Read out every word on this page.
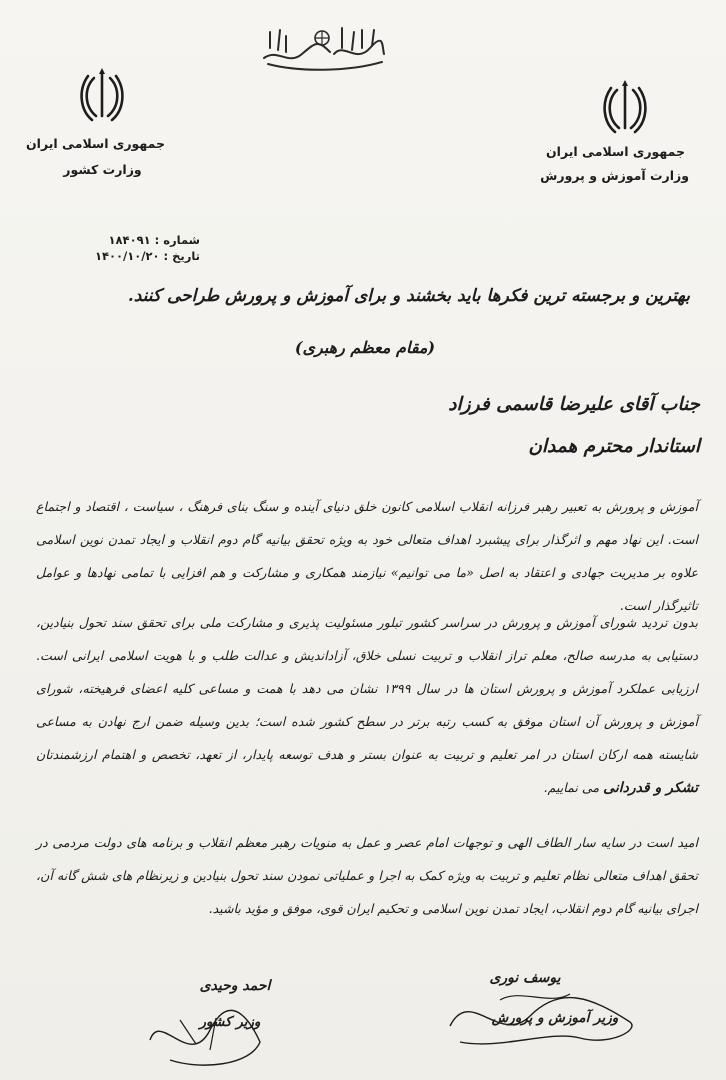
جمهوری اسلامی ایران
وزارت آموزش و پرورش
جمهوری اسلامی ایران
وزارت کشور
شماره : ۱۸۴۰۹۱
تاریخ : ۱۴۰۰/۱۰/۲۰
بهترین و برجسته ترین فکرها باید بخشند و برای آموزش و پرورش طراحی کنند.
(مقام معظم رهبری)
جناب آقای علیرضا قاسمی فرزاد
استاندار محترم همدان
آموزش و پرورش به تعبیر رهبر فرزانه انقلاب اسلامی کانون خلق دنیای آینده و سنگ بنای فرهنگ ، سیاست ، اقتصاد و اجتماع است. این نهاد مهم و اثرگذار برای پیشبرد اهداف متعالی خود به ویژه تحقق بیانیه گام دوم انقلاب و ایجاد تمدن نوین اسلامی علاوه بر مدیریت جهادی و اعتقاد به اصل «ما می توانیم» نیازمند همکاری و مشارکت و هم افزایی با تمامی نهادها و عوامل تاثیرگذار است.
بدون تردید شورای آموزش و پرورش در سراسر کشور تبلور مسئولیت پذیری و مشارکت ملی برای تحقق سند تحول بنیادین، دستیابی به مدرسه صالح، معلم تراز انقلاب و تربیت نسلی خلاق، آزاداندیش و عدالت طلب و با هویت اسلامی ایرانی است. ارزیابی عملکرد آموزش و پرورش استان ها در سال ۱۳۹۹ نشان می دهد با همت و مساعی کلیه اعضای فرهیخته، شورای آموزش و پرورش آن استان موفق به کسب رتبه برتر در سطح کشور شده است؛ بدین وسیله ضمن ارج نهادن به مساعی شایسته همه ارکان استان در امر تعلیم و تربیت به عنوان بستر و هدف توسعه پایدار، از تعهد، تخصص و اهتمام ارزشمندتان تشکر و قدردانی می نماییم.
امید است در سایه سار الطاف الهی و توجهات امام عصر و عمل به منویات رهبر معظم انقلاب و برنامه های دولت مردمی در تحقق اهداف متعالی نظام تعلیم و تربیت به ویژه کمک به اجرا و عملیاتی نمودن سند تحول بنیادین و زیرنظام های شش گانه آن، اجرای بیانیه گام دوم انقلاب، ایجاد تمدن نوین اسلامی و تحکیم ایران قوی، موفق و مؤید باشید.
یوسف نوری
وزیر آموزش و پرورش
احمد وحیدی
وزیر کشور
